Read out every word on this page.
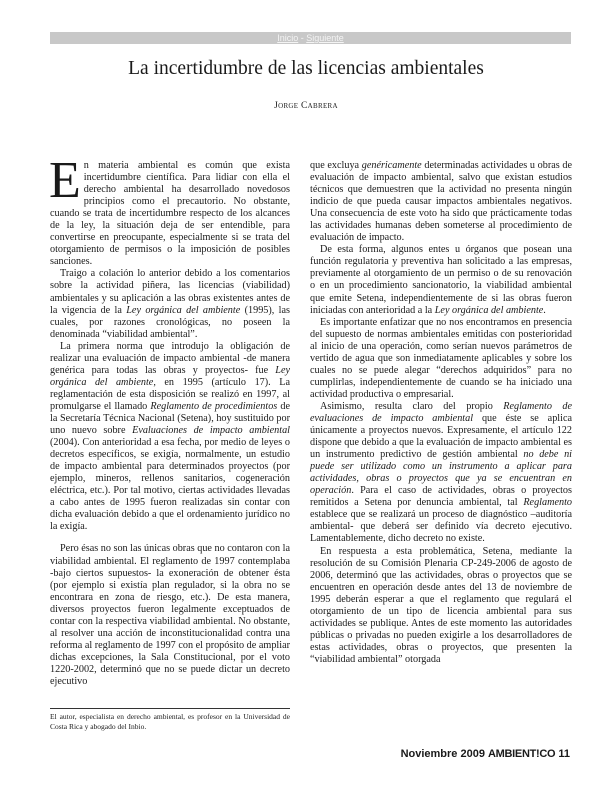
Inicio - Siguiente
La incertidumbre de las licencias ambientales
Jorge Cabrera

En materia ambiental es común que exista incertidumbre científica. Para lidiar con ella el derecho ambiental ha desarrollado novedosos principios como el precautorio. No obstante, cuando se trata de incertidumbre respecto de los alcances de la ley, la situación deja de ser entendible, para convertirse en preocupante, especialmente si se trata del otorgamiento de permisos o la imposición de posibles sanciones.

Traigo a colación lo anterior debido a los comentarios sobre la actividad piñera, las licencias (viabilidad) ambientales y su aplicación a las obras existentes antes de la vigencia de la Ley orgánica del ambiente (1995), las cuales, por razones cronológicas, no poseen la denominada “viabilidad ambiental”.

La primera norma que introdujo la obligación de realizar una evaluación de impacto ambiental -de manera genérica para todas las obras y proyectos- fue Ley orgánica del ambiente, en 1995 (artículo 17). La reglamentación de esta disposición se realizó en 1997, al promulgarse el llamado Reglamento de procedimientos de la Secretaría Técnica Nacional (Setena), hoy sustituido por uno nuevo sobre Evaluaciones de impacto ambiental (2004). Con anterioridad a esa fecha, por medio de leyes o decretos específicos, se exigía, normalmente, un estudio de impacto ambiental para determinados proyectos (por ejemplo, mineros, rellenos sanitarios, cogeneración eléctrica, etc.). Por tal motivo, ciertas actividades llevadas a cabo antes de 1995 fueron realizadas sin contar con dicha evaluación debido a que el ordenamiento jurídico no la exigía.

Pero ésas no son las únicas obras que no contaron con la viabilidad ambiental. El reglamento de 1997 contemplaba -bajo ciertos supuestos- la exoneración de obtener ésta (por ejemplo si existía plan regulador, si la obra no se encontrara en zona de riesgo, etc.). De esta manera, diversos proyectos fueron legalmente exceptuados de contar con la respectiva viabilidad ambiental. No obstante, al resolver una acción de inconstitucionalidad contra una reforma al reglamento de 1997 con el propósito de ampliar dichas excepciones, la Sala Constitucional, por el voto 1220-2002, determinó que no se puede dictar un decreto ejecutivo

que excluya genéricamente determinadas actividades u obras de evaluación de impacto ambiental, salvo que existan estudios técnicos que demuestren que la actividad no presenta ningún indicio de que pueda causar impactos ambientales negativos. Una consecuencia de este voto ha sido que prácticamente todas las actividades humanas deben someterse al procedimiento de evaluación de impacto.

De esta forma, algunos entes u órganos que posean una función regulatoria y preventiva han solicitado a las empresas, previamente al otorgamiento de un permiso o de su renovación o en un procedimiento sancionatorio, la viabilidad ambiental que emite Setena, independientemente de si las obras fueron iniciadas con anterioridad a la Ley orgánica del ambiente.

Es importante enfatizar que no nos encontramos en presencia del supuesto de normas ambientales emitidas con posterioridad al inicio de una operación, como serían nuevos parámetros de vertido de agua que son inmediatamente aplicables y sobre los cuales no se puede alegar “derechos adquiridos” para no cumplirlas, independientemente de cuando se ha iniciado una actividad productiva o empresarial.

Asimismo, resulta claro del propio Reglamento de evaluaciones de impacto ambiental que éste se aplica únicamente a proyectos nuevos. Expresamente, el artículo 122 dispone que debido a que la evaluación de impacto ambiental es un instrumento predictivo de gestión ambiental no debe ni puede ser utilizado como un instrumento a aplicar para actividades, obras o proyectos que ya se encuentran en operación. Para el caso de actividades, obras o proyectos remitidos a Setena por denuncia ambiental, tal Reglamento establece que se realizará un proceso de diagnóstico –auditoría ambiental- que deberá ser definido vía decreto ejecutivo. Lamentablemente, dicho decreto no existe.

En respuesta a esta problemática, Setena, mediante la resolución de su Comisión Plenaria CP-249-2006 de agosto de 2006, determinó que las actividades, obras o proyectos que se encuentren en operación desde antes del 13 de noviembre de 1995 deberán esperar a que el reglamento que regulará el otorgamiento de un tipo de licencia ambiental para sus actividades se publique. Antes de este momento las autoridades públicas o privadas no pueden exigirle a los desarrolladores de estas actividades, obras o proyectos, que presenten la “viabilidad ambiental” otorgada

El autor, especialista en derecho ambiental, es profesor en la Universidad de Costa Rica y abogado del Inbio.
Noviembre 2009 AMBIENT!CO 11
